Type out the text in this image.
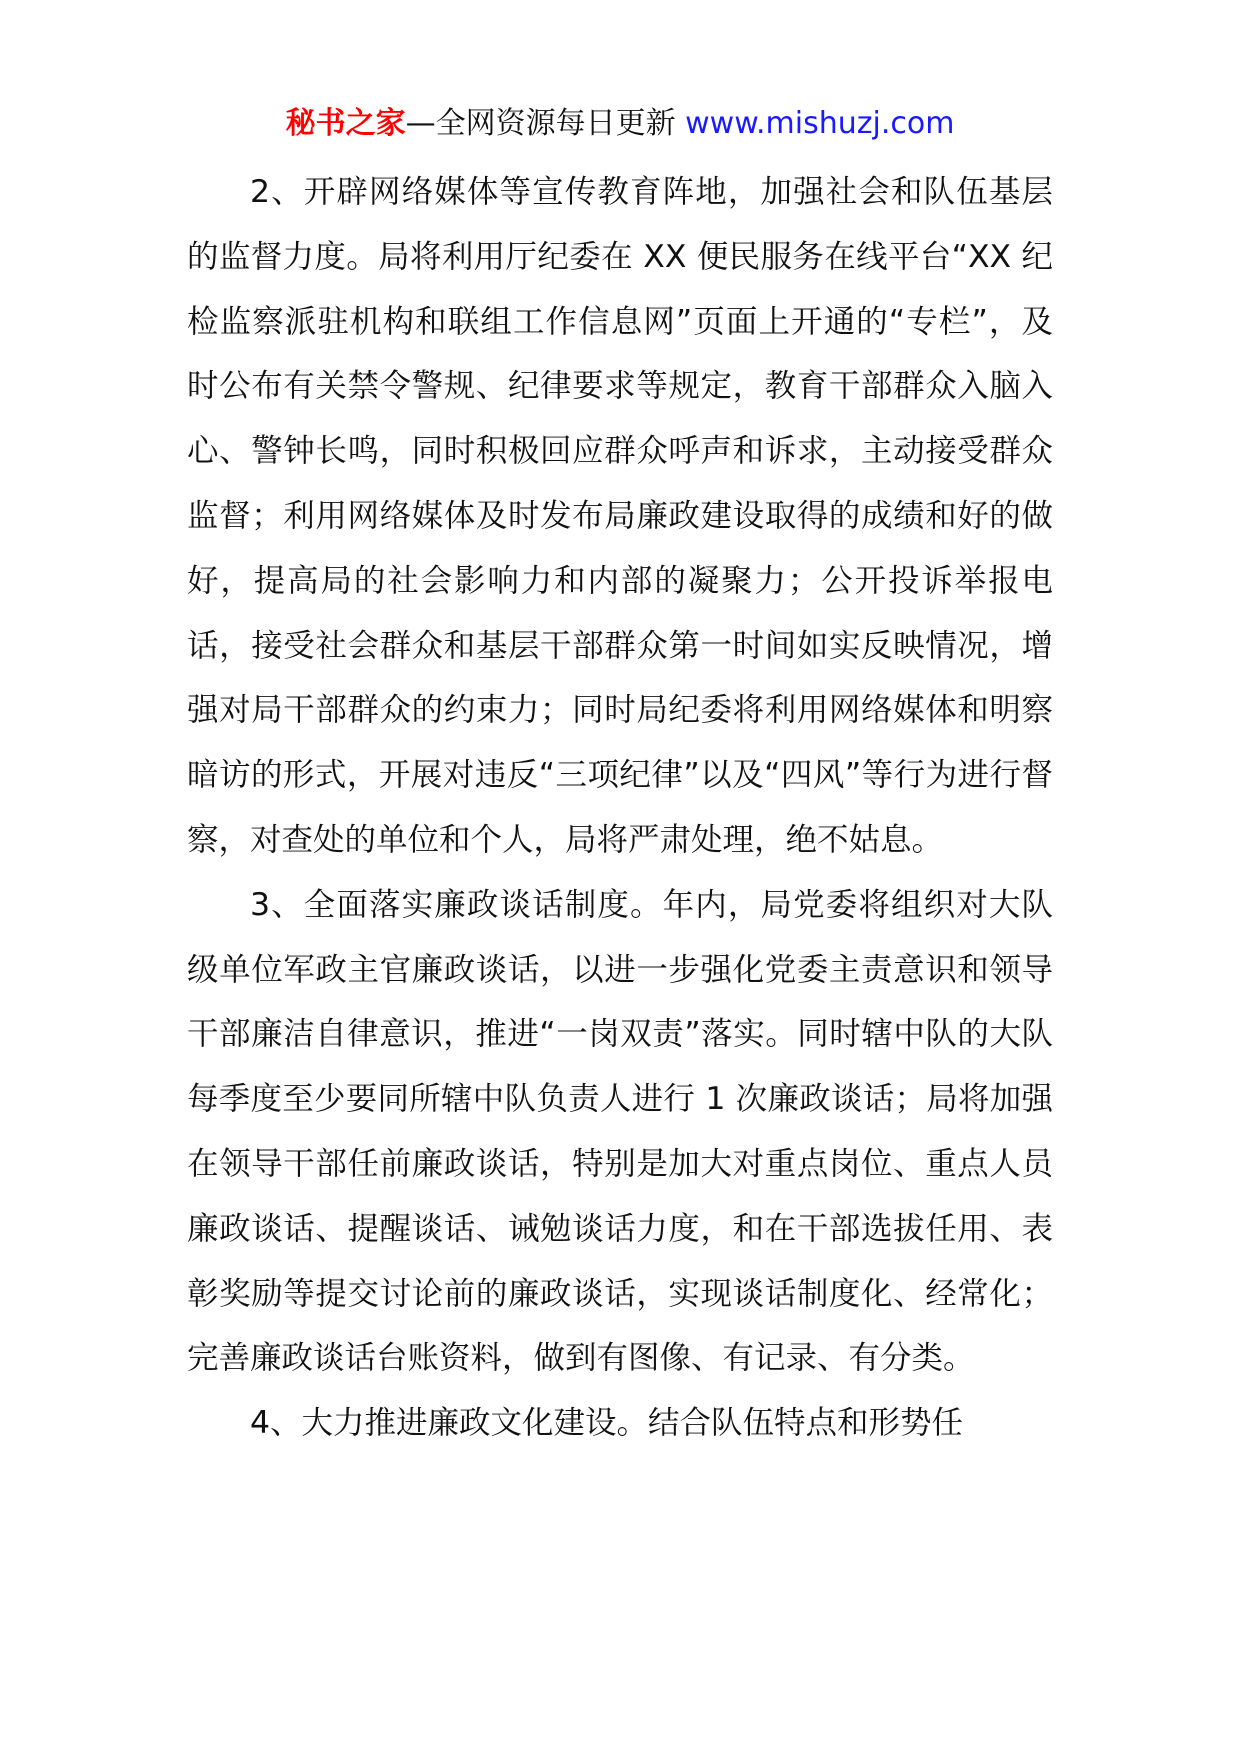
秘书之家—全网资源每日更新 www.mishuzj.com

2、开辟网络媒体等宣传教育阵地，加强社会和队伍基层的监督力度。局将利用厅纪委在 XX 便民服务在线平台“XX 纪检监察派驻机构和联组工作信息网”页面上开通的“专栏”，及时公布有关禁令警规、纪律要求等规定，教育干部群众入脑入心、警钟长鸣，同时积极回应群众呼声和诉求，主动接受群众监督；利用网络媒体及时发布局廉政建设取得的成绩和好的做好，提高局的社会影响力和内部的凝聚力；公开投诉举报电话，接受社会群众和基层干部群众第一时间如实反映情况，增强对局干部群众的约束力；同时局纪委将利用网络媒体和明察暗访的形式，开展对违反“三项纪律”以及“四风”等行为进行督察，对查处的单位和个人，局将严肃处理，绝不姑息。

3、全面落实廉政谈话制度。年内，局党委将组织对大队级单位军政主官廉政谈话，以进一步强化党委主责意识和领导干部廉洁自律意识，推进“一岗双责”落实。同时辖中队的大队每季度至少要同所辖中队负责人进行 1 次廉政谈话；局将加强在领导干部任前廉政谈话，特别是加大对重点岗位、重点人员廉政谈话、提醒谈话、诫勉谈话力度，和在干部选拔任用、表彰奖励等提交讨论前的廉政谈话，实现谈话制度化、经常化；完善廉政谈话台账资料，做到有图像、有记录、有分类。

4、大力推进廉政文化建设。结合队伍特点和形势任
